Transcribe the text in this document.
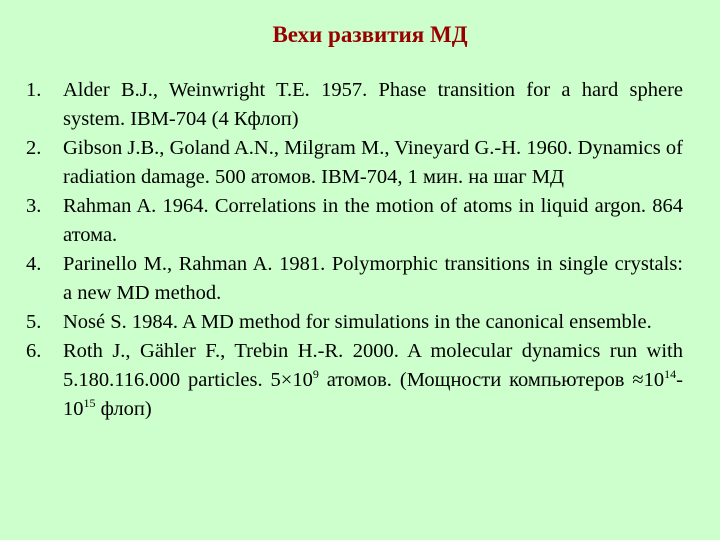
Вехи развития МД
1. Alder B.J., Weinwright T.E. 1957. Phase transition for a hard sphere system. IBM-704 (4 Кфлоп)
2. Gibson J.B., Goland A.N., Milgram M., Vineyard G.-H. 1960. Dynamics of radiation damage. 500 атомов. IBM-704, 1 мин. на шаг МД
3. Rahman A. 1964. Correlations in the motion of atoms in liquid argon. 864 атома.
4. Parinello M., Rahman A. 1981. Polymorphic transitions in single crystals: a new MD method.
5. Nosé S. 1984. A MD method for simulations in the canonical ensemble.
6. Roth J., Gähler F., Trebin H.-R. 2000. A molecular dynamics run with 5.180.116.000 particles. $5\times 10^9$ атомов. (Мощности компьютеров $\approx 10^{14}-10^{15}$ флоп)
